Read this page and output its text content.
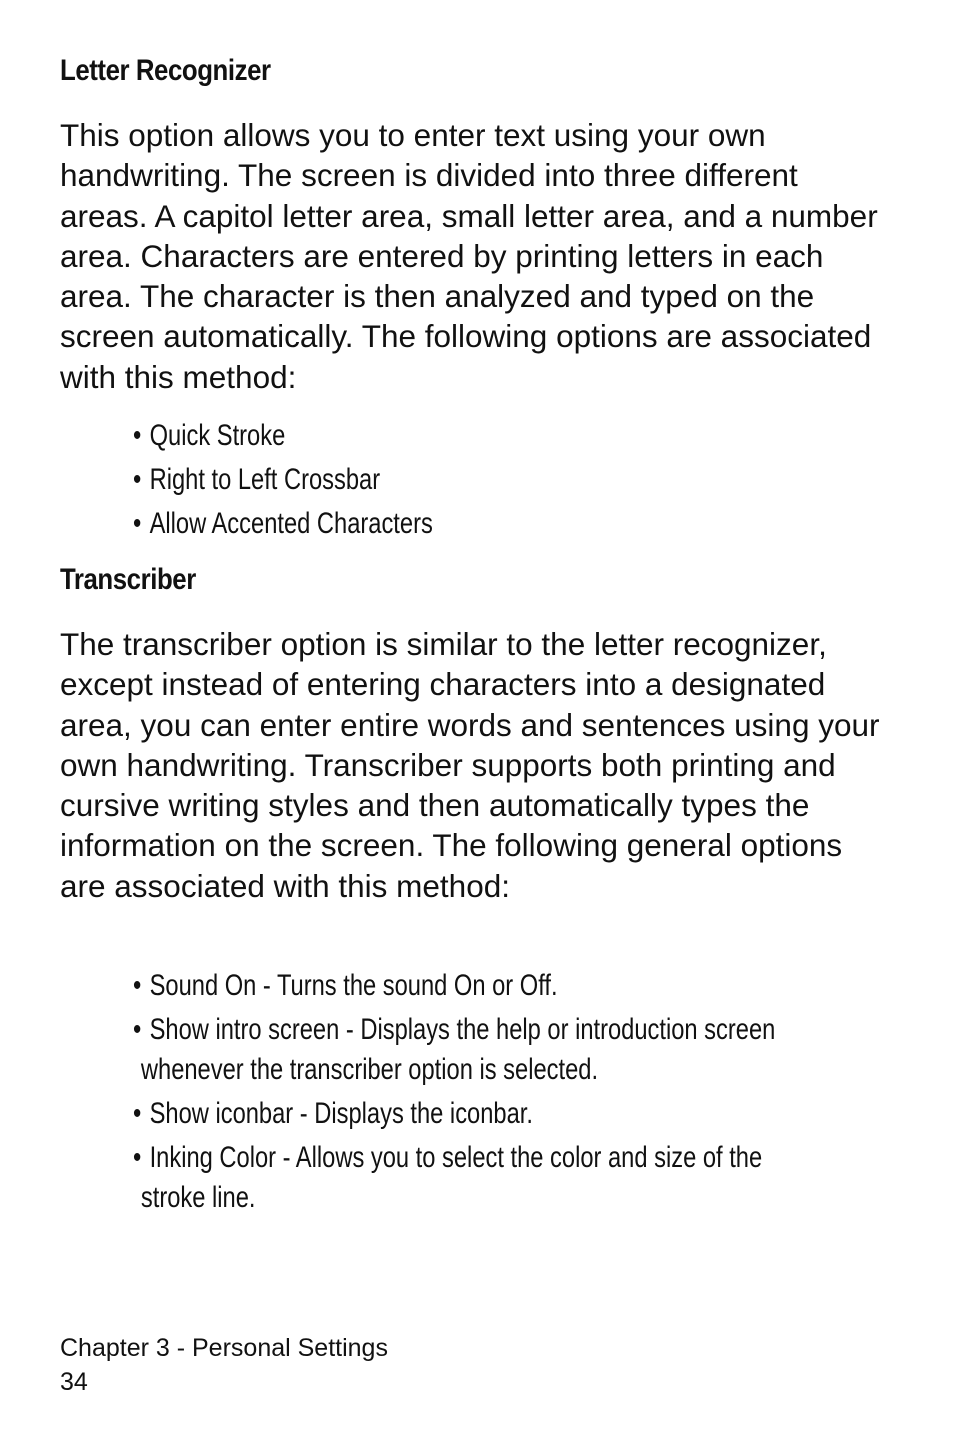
Letter Recognizer

This option allows you to enter text using your own handwriting. The screen is divided into three different areas. A capitol letter area, small letter area, and a number area. Characters are entered by printing letters in each area. The character is then analyzed and typed on the screen automatically. The following options are associated with this method:

• Quick Stroke
• Right to Left Crossbar
• Allow Accented Characters
Transcriber

The transcriber option is similar to the letter recognizer, except instead of entering characters into a designated area, you can enter entire words and sentences using your own handwriting. Transcriber supports both printing and cursive writing styles and then automatically types the information on the screen. The following general options are associated with this method:

• Sound On - Turns the sound On or Off.
• Show intro screen - Displays the help or introduction screen
whenever the transcriber option is selected.
• Show iconbar - Displays the iconbar.
• Inking Color - Allows you to select the color and size of the
stroke line.

Chapter 3 - Personal Settings

34
